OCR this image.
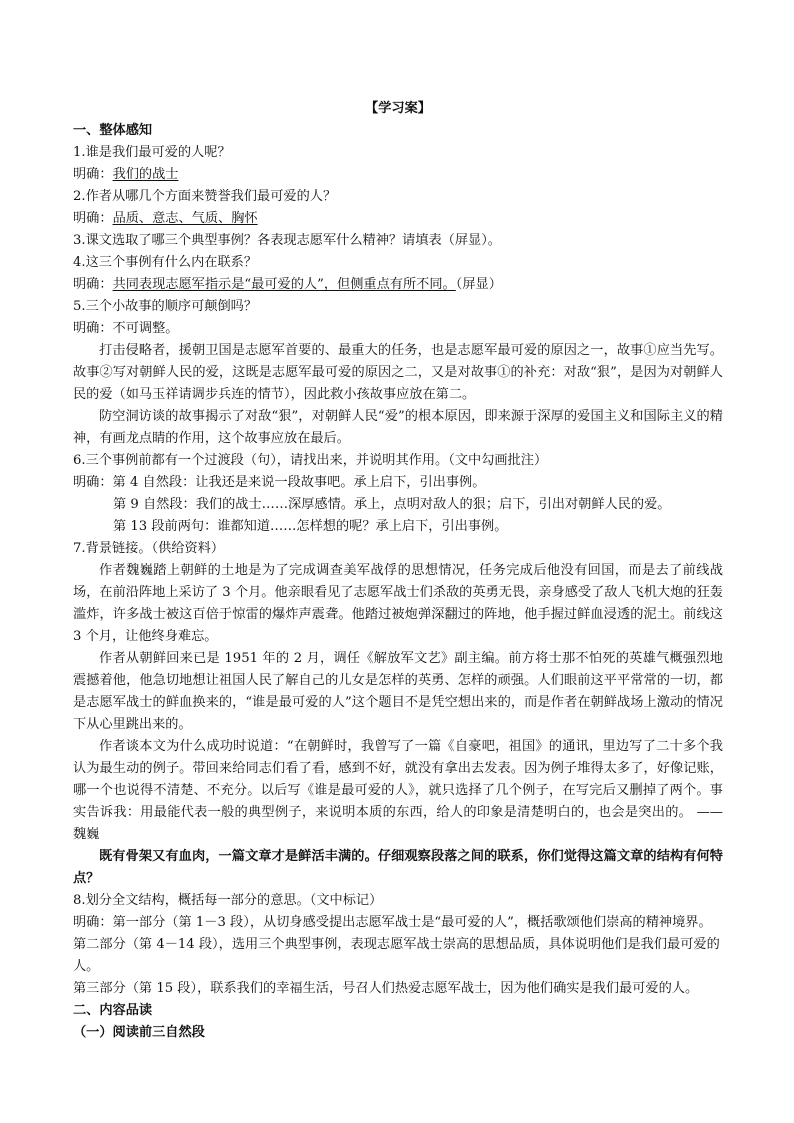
【学习案】
一、整体感知
1.谁是我们最可爱的人呢？
明确：我们的战士
2.作者从哪几个方面来赞誉我们最可爱的人？
明确：品质、意志、气质、胸怀
3.课文选取了哪三个典型事例？各表现志愿军什么精神？请填表（屏显）。
4.这三个事例有什么内在联系？
明确：共同表现志愿军指示是“最可爱的人”，但侧重点有所不同。（屏显）
5.三个小故事的顺序可颠倒吗？
明确：不可调整。
打击侵略者，援朝卫国是志愿军首要的、最重大的任务，也是志愿军最可爱的原因之一，故事①应当先写。故事②写对朝鲜人民的爱，这既是志愿军最可爱的原因之二，又是对故事①的补充：对敌“狠”，是因为对朝鲜人民的爱（如马玉祥请调步兵连的情节），因此救小孩故事应放在第二。
防空洞访谈的故事揭示了对敌“狠”，对朝鲜人民“爱”的根本原因，即来源于深厚的爱国主义和国际主义的精神，有画龙点睛的作用，这个故事应放在最后。
6.三个事例前都有一个过渡段（句），请找出来，并说明其作用。（文中勾画批注）
明确：第 4 自然段：让我还是来说一段故事吧。承上启下，引出事例。
第 9 自然段：我们的战士……深厚感情。承上，点明对敌人的狠；启下，引出对朝鲜人民的爱。
第 13 段前两句：谁都知道……怎样想的呢？承上启下，引出事例。
7.背景链接。（供给资料）
作者魏巍踏上朝鲜的土地是为了完成调查美军战俘的思想情况，任务完成后他没有回国，而是去了前线战场，在前沿阵地上采访了 3 个月。他亲眼看见了志愿军战士们杀敌的英勇无畏，亲身感受了敌人飞机大炮的狂轰滥炸，许多战士被这百倍于惊雷的爆炸声震聋。他踏过被炮弹深翻过的阵地，他手握过鲜血浸透的泥土。前线这 3 个月，让他终身难忘。
作者从朝鲜回来已是 1951 年的 2 月，调任《解放军文艺》副主编。前方将士那不怕死的英雄气概强烈地震撼着他，他急切地想让祖国人民了解自己的儿女是怎样的英勇、怎样的顽强。人们眼前这平平常常的一切，都是志愿军战士的鲜血换来的，“谁是最可爱的人”这个题目不是凭空想出来的，而是作者在朝鲜战场上激动的情况下从心里跳出来的。
作者谈本文为什么成功时说道：“在朝鲜时，我曾写了一篇《自豪吧，祖国》的通讯，里边写了二十多个我认为最生动的例子。带回来给同志们看了看，感到不好，就没有拿出去发表。因为例子堆得太多了，好像记账，哪一个也说得不清楚、不充分。以后写《谁是最可爱的人》，就只选择了几个例子，在写完后又删掉了两个。事实告诉我：用最能代表一般的典型例子，来说明本质的东西，给人的印象是清楚明白的，也会是突出的。 ——魏巍
既有骨架又有血肉，一篇文章才是鲜活丰满的。仔细观察段落之间的联系，你们觉得这篇文章的结构有何特点？
8.划分全文结构，概括每一部分的意思。（文中标记）
明确：第一部分（第 1－3 段），从切身感受提出志愿军战士是“最可爱的人”，概括歌颂他们崇高的精神境界。
第二部分（第 4－14 段），选用三个典型事例，表现志愿军战士崇高的思想品质，具体说明他们是我们最可爱的人。
第三部分（第 15 段），联系我们的幸福生活，号召人们热爱志愿军战士，因为他们确实是我们最可爱的人。
二、内容品读
（一）阅读前三自然段
